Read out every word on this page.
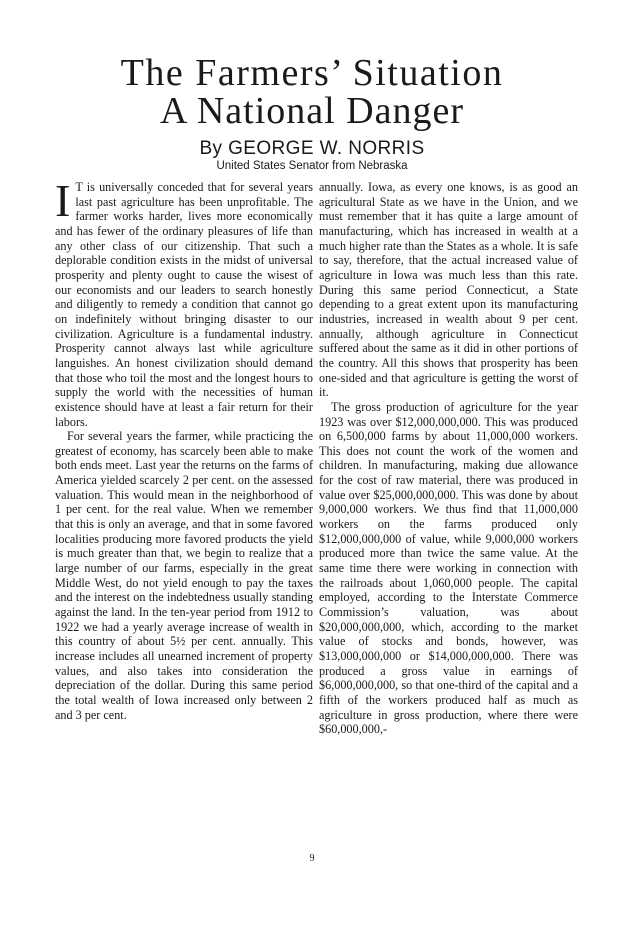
The Farmers’ Situation
A National Danger
By GEORGE W. NORRIS
United States Senator from Nebraska

I T is universally conceded that for several years last past agriculture has been unprofitable. The farmer works harder, lives more economically and has fewer of the ordinary pleasures of life than any other class of our citizenship. That such a deplorable condition exists in the midst of universal prosperity and plenty ought to cause the wisest of our economists and our leaders to search honestly and diligently to remedy a condition that cannot go on indefinitely without bringing disaster to our civilization. Agriculture is a fundamental industry. Prosperity cannot always last while agriculture languishes. An honest civilization should demand that those who toil the most and the longest hours to supply the world with the necessities of human existence should have at least a fair return for their labors.

For several years the farmer, while practicing the greatest of economy, has scarcely been able to make both ends meet. Last year the returns on the farms of America yielded scarcely 2 per cent. on the assessed valuation. This would mean in the neighborhood of 1 per cent. for the real value. When we remember that this is only an average, and that in some favored localities producing more favored products the yield is much greater than that, we begin to realize that a large number of our farms, especially in the great Middle West, do not yield enough to pay the taxes and the interest on the indebtedness usually standing against the land. In the ten-year period from 1912 to 1922 we had a yearly average increase of wealth in this country of about 5½ per cent. annually. This increase includes all unearned increment of property values, and also takes into consideration the depreciation of the dollar. During this same period the total wealth of Iowa increased only between 2 and 3 per cent.

annually. Iowa, as every one knows, is as good an agricultural State as we have in the Union, and we must remember that it has quite a large amount of manufacturing, which has increased in wealth at a much higher rate than the States as a whole. It is safe to say, therefore, that the actual increased value of agriculture in Iowa was much less than this rate. During this same period Connecticut, a State depending to a great extent upon its manufacturing industries, increased in wealth about 9 per cent. annually, although agriculture in Connecticut suffered about the same as it did in other portions of the country. All this shows that prosperity has been one-sided and that agriculture is getting the worst of it.

The gross production of agriculture for the year 1923 was over $12,000,000,000. This was produced on 6,500,000 farms by about 11,000,000 workers. This does not count the work of the women and children. In manufacturing, making due allowance for the cost of raw material, there was produced in value over $25,000,000,000. This was done by about 9,000,000 workers. We thus find that 11,000,000 workers on the farms produced only $12,000,000,000 of value, while 9,000,000 workers produced more than twice the same value. At the same time there were working in connection with the railroads about 1,060,000 people. The capital employed, according to the Interstate Commerce Commission’s valuation, was about $20,000,000,000, which, according to the market value of stocks and bonds, however, was $13,000,000,000 or $14,000,000,000. There was produced a gross value in earnings of $6,000,000,000, so that one-third of the capital and a fifth of the workers produced half as much as agriculture in gross production, where there were $60,000,000,-

9
